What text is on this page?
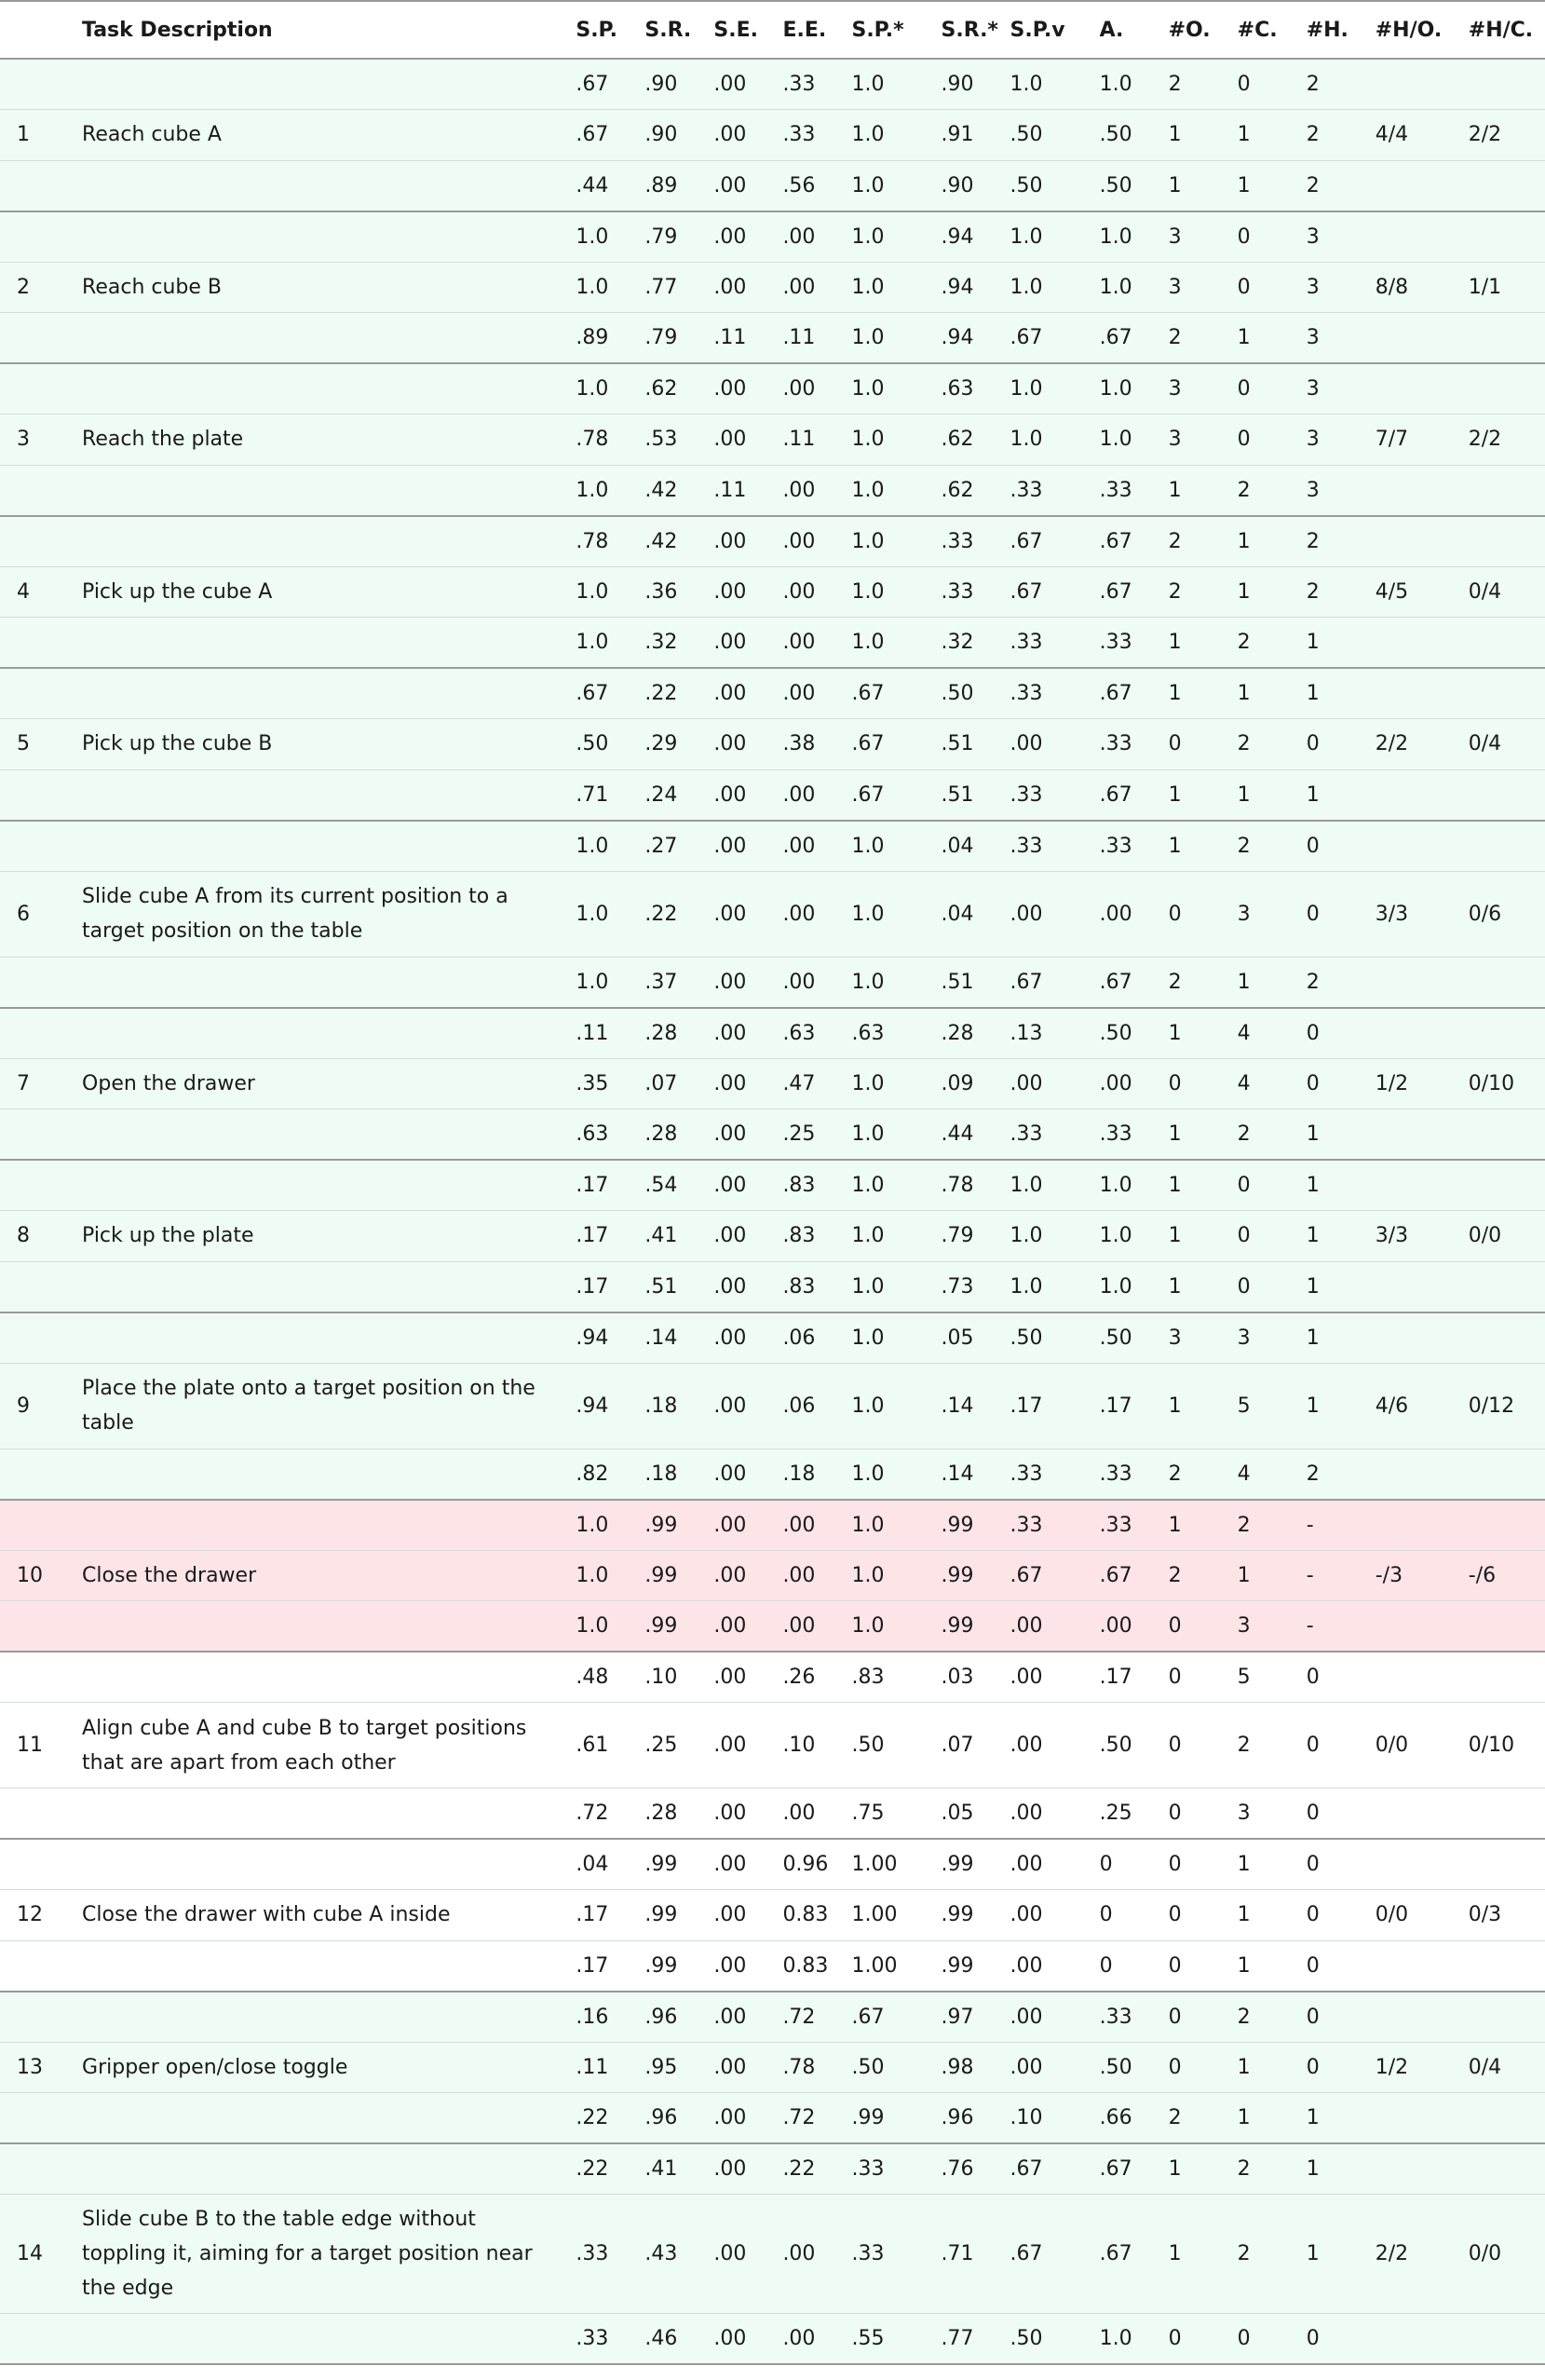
	Task Description	S.P.	S.R.	S.E.	E.E.	S.P.*	S.R.*	S.P.v	A.	#O.	#C.	#H.	#H/O.	#H/C.
		.67	.90	.00	.33	1.0	.90	1.0	1.0	2	0	2		
1	Reach cube A	.67	.90	.00	.33	1.0	.91	.50	.50	1	1	2	4/4	2/2
		.44	.89	.00	.56	1.0	.90	.50	.50	1	1	2		
		1.0	.79	.00	.00	1.0	.94	1.0	1.0	3	0	3		
2	Reach cube B	1.0	.77	.00	.00	1.0	.94	1.0	1.0	3	0	3	8/8	1/1
		.89	.79	.11	.11	1.0	.94	.67	.67	2	1	3		
		1.0	.62	.00	.00	1.0	.63	1.0	1.0	3	0	3		
3	Reach the plate	.78	.53	.00	.11	1.0	.62	1.0	1.0	3	0	3	7/7	2/2
		1.0	.42	.11	.00	1.0	.62	.33	.33	1	2	3		
		.78	.42	.00	.00	1.0	.33	.67	.67	2	1	2		
4	Pick up the cube A	1.0	.36	.00	.00	1.0	.33	.67	.67	2	1	2	4/5	0/4
		1.0	.32	.00	.00	1.0	.32	.33	.33	1	2	1		
		.67	.22	.00	.00	.67	.50	.33	.67	1	1	1		
5	Pick up the cube B	.50	.29	.00	.38	.67	.51	.00	.33	0	2	0	2/2	0/4
		.71	.24	.00	.00	.67	.51	.33	.67	1	1	1		
		1.0	.27	.00	.00	1.0	.04	.33	.33	1	2	0		
6	Slide cube A from its current position to a target position on the table	1.0	.22	.00	.00	1.0	.04	.00	.00	0	3	0	3/3	0/6
		1.0	.37	.00	.00	1.0	.51	.67	.67	2	1	2		
		.11	.28	.00	.63	.63	.28	.13	.50	1	4	0		
7	Open the drawer	.35	.07	.00	.47	1.0	.09	.00	.00	0	4	0	1/2	0/10
		.63	.28	.00	.25	1.0	.44	.33	.33	1	2	1		
		.17	.54	.00	.83	1.0	.78	1.0	1.0	1	0	1		
8	Pick up the plate	.17	.41	.00	.83	1.0	.79	1.0	1.0	1	0	1	3/3	0/0
		.17	.51	.00	.83	1.0	.73	1.0	1.0	1	0	1		
		.94	.14	.00	.06	1.0	.05	.50	.50	3	3	1		
9	Place the plate onto a target position on the table	.94	.18	.00	.06	1.0	.14	.17	.17	1	5	1	4/6	0/12
		.82	.18	.00	.18	1.0	.14	.33	.33	2	4	2		
		1.0	.99	.00	.00	1.0	.99	.33	.33	1	2	-		
10	Close the drawer	1.0	.99	.00	.00	1.0	.99	.67	.67	2	1	-	-/3	-/6
		1.0	.99	.00	.00	1.0	.99	.00	.00	0	3	-		
		.48	.10	.00	.26	.83	.03	.00	.17	0	5	0		
11	Align cube A and cube B to target positions that are apart from each other	.61	.25	.00	.10	.50	.07	.00	.50	0	2	0	0/0	0/10
		.72	.28	.00	.00	.75	.05	.00	.25	0	3	0		
		.04	.99	.00	0.96	1.00	.99	.00	0	0	1	0		
12	Close the drawer with cube A inside	.17	.99	.00	0.83	1.00	.99	.00	0	0	1	0	0/0	0/3
		.17	.99	.00	0.83	1.00	.99	.00	0	0	1	0		
		.16	.96	.00	.72	.67	.97	.00	.33	0	2	0		
13	Gripper open/close toggle	.11	.95	.00	.78	.50	.98	.00	.50	0	1	0	1/2	0/4
		.22	.96	.00	.72	.99	.96	.10	.66	2	1	1		
		.22	.41	.00	.22	.33	.76	.67	.67	1	2	1		
14	Slide cube B to the table edge without toppling it, aiming for a target position near the edge	.33	.43	.00	.00	.33	.71	.67	.67	1	2	1	2/2	0/0
		.33	.46	.00	.00	.55	.77	.50	1.0	0	0	0		
